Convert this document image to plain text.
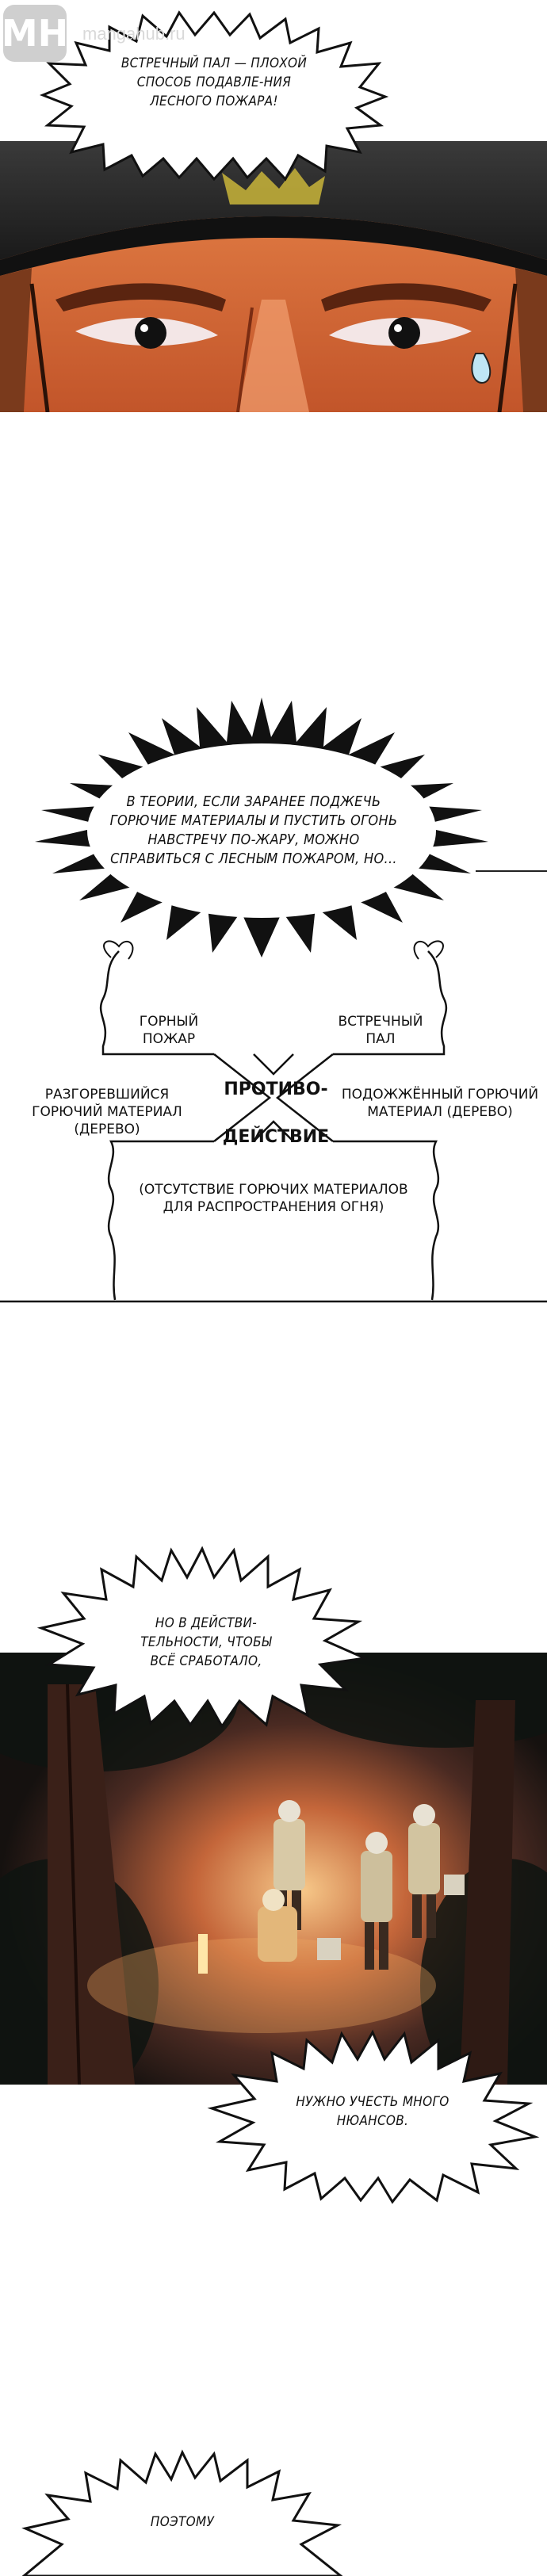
ВСТРЕЧНЫЙ ПАЛ — ПЛОХОЙ СПОСОБ ПОДАВЛЕ-НИЯ ЛЕСНОГО ПОЖАРА!
MH mangahub.ru
В ТЕОРИИ, ЕСЛИ ЗАРАНЕЕ ПОДЖЕЧЬ ГОРЮЧИЕ МАТЕРИАЛЫ И ПУСТИТЬ ОГОНЬ НАВСТРЕЧУ ПО-ЖАРУ, МОЖНО СПРАВИТЬСЯ С ЛЕСНЫМ ПОЖАРОМ, НО...
ГОРНЫЙ ПОЖАР
ВСТРЕЧНЫЙ ПАЛ
РАЗГОРЕВШИЙСЯ ГОРЮЧИЙ МАТЕРИАЛ (ДЕРЕВО)
ПОДОЖЖЁННЫЙ ГОРЮЧИЙ МАТЕРИАЛ (ДЕРЕВО)
ПРОТИВО-ДЕЙСТВИЕ
(ОТСУТСТВИЕ ГОРЮЧИХ МАТЕРИАЛОВ ДЛЯ РАСПРОСТРАНЕНИЯ ОГНЯ)
НО В ДЕЙСТВИ-ТЕЛЬНОСТИ, ЧТОБЫ ВСЁ СРАБОТАЛО,
НУЖНО УЧЕСТЬ МНОГО НЮАНСОВ.
ПОЭТОМУ
